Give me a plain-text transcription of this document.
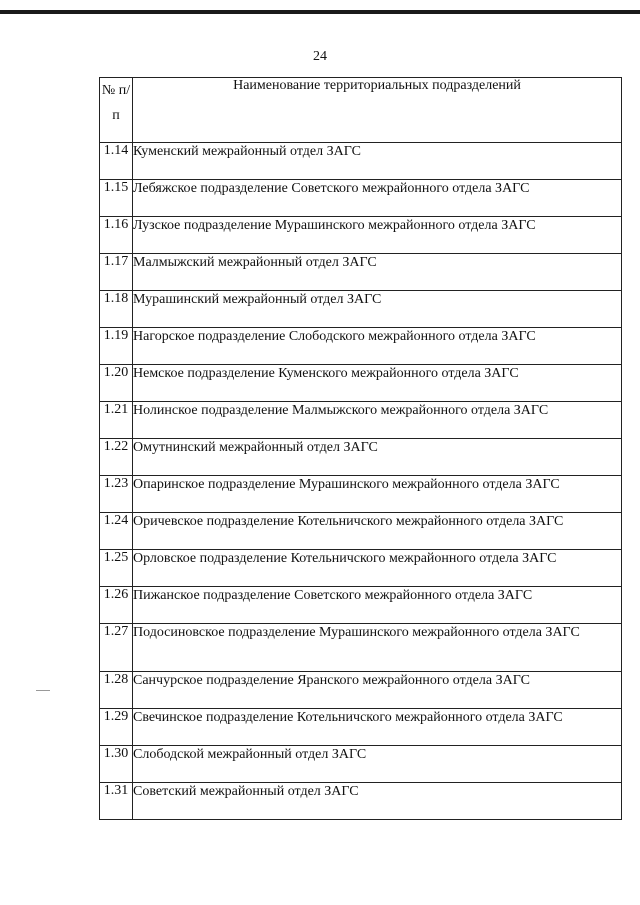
24
№ п/п	Наименование территориальных подразделений
1.14	Куменский межрайонный отдел ЗАГС
1.15	Лебяжское подразделение Советского межрайонного отдела ЗАГС
1.16	Лузское подразделение Мурашинского межрайонного отдела ЗАГС
1.17	Малмыжский межрайонный отдел ЗАГС
1.18	Мурашинский межрайонный отдел ЗАГС
1.19	Нагорское подразделение Слободского межрайонного отдела ЗАГС
1.20	Немское подразделение Куменского межрайонного отдела ЗАГС
1.21	Нолинское подразделение Малмыжского межрайонного отдела ЗАГС
1.22	Омутнинский межрайонный отдел ЗАГС
1.23	Опаринское подразделение Мурашинского межрайонного отдела ЗАГС
1.24	Оричевское подразделение Котельничского межрайонного отдела ЗАГС
1.25	Орловское подразделение Котельничского межрайонного отдела ЗАГС
1.26	Пижанское подразделение Советского межрайонного отдела ЗАГС
1.27	Подосиновское подразделение Мурашинского межрайонного отдела ЗАГС
1.28	Санчурское подразделение Яранского межрайонного отдела ЗАГС
1.29	Свечинское подразделение Котельничского межрайонного отдела ЗАГС
1.30	Слободской межрайонный отдел ЗАГС
1.31	Советский межрайонный отдел ЗАГС
